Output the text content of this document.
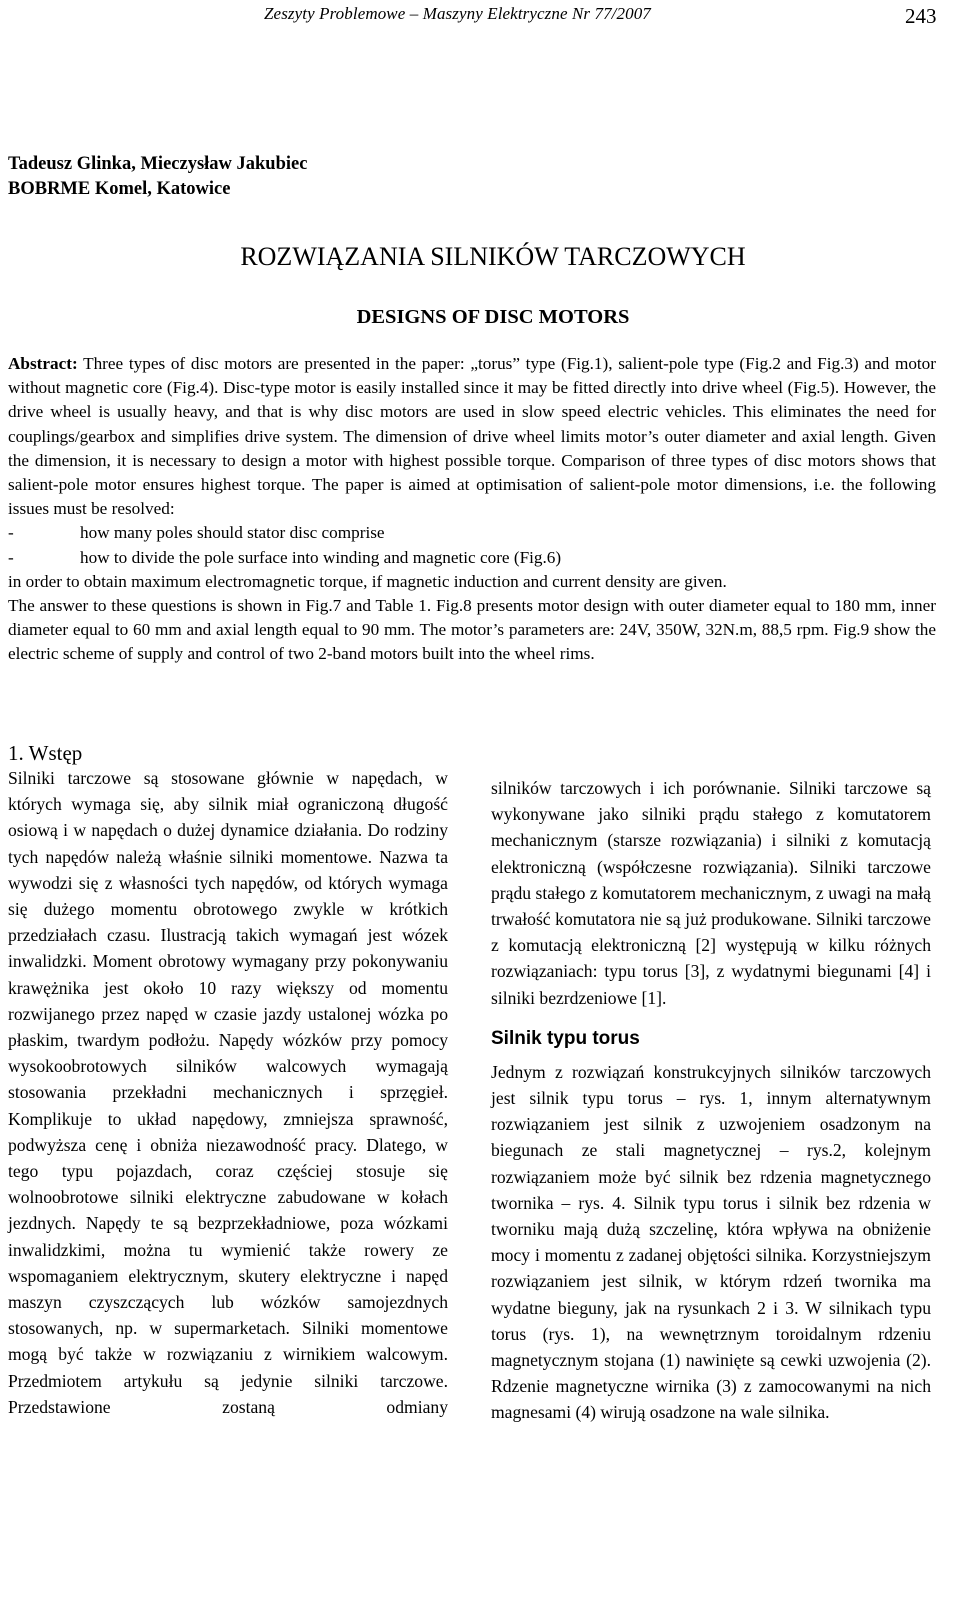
Zeszyty Problemowe – Maszyny Elektryczne Nr 77/2007	243
Tadeusz Glinka, Mieczysław Jakubiec
BOBRME Komel, Katowice
ROZWIĄZANIA SILNIKÓW TARCZOWYCH
DESIGNS OF DISC MOTORS

Abstract: Three types of disc motors are presented in the paper: „torus” type (Fig.1), salient-pole type (Fig.2 and Fig.3) and motor without magnetic core (Fig.4). Disc-type motor is easily installed since it may be fitted directly into drive wheel (Fig.5). However, the drive wheel is usually heavy, and that is why disc motors are used in slow speed electric vehicles. This eliminates the need for couplings/gearbox and simplifies drive system. The dimension of drive wheel limits motor’s outer diameter and axial length. Given the dimension, it is necessary to design a motor with highest possible torque. Comparison of three types of disc motors shows that salient-pole motor ensures highest torque. The paper is aimed at optimisation of salient-pole motor dimensions, i.e. the following issues must be resolved:

-	how many poles should stator disc comprise

-	how to divide the pole surface into winding and magnetic core (Fig.6)

in order to obtain maximum electromagnetic torque, if magnetic induction and current density are given.

The answer to these questions is shown in Fig.7 and Table 1. Fig.8 presents motor design with outer diameter equal to 180 mm, inner diameter equal to 60 mm and axial length equal to 90 mm. The motor’s parameters are: 24V, 350W, 32N.m, 88,5 rpm. Fig.9 show the electric scheme of supply and control of two 2-band motors built into the wheel rims.

1. Wstęp

Silniki tarczowe są stosowane głównie w napędach, w których wymaga się, aby silnik miał ograniczoną długość osiową i w napędach o dużej dynamice działania. Do rodziny tych napędów należą właśnie silniki momentowe. Nazwa ta wywodzi się z własności tych napędów, od których wymaga się dużego momentu obrotowego zwykle w krótkich przedziałach czasu. Ilustracją takich wymagań jest wózek inwalidzki. Moment obrotowy wymagany przy pokonywaniu krawężnika jest około 10 razy większy od momentu rozwijanego przez napęd w czasie jazdy ustalonej wózka po płaskim, twardym podłożu. Napędy wózków przy pomocy wysokoobrotowych silników walcowych wymagają stosowania przekładni mechanicznych i sprzęgieł. Komplikuje to układ napędowy, zmniejsza sprawność, podwyższa cenę i obniża niezawodność pracy. Dlatego, w tego typu pojazdach, coraz częściej stosuje się wolnoobrotowe silniki elektryczne zabudowane w kołach jezdnych. Napędy te są bezprzekładniowe, poza wózkami inwalidzkimi, można tu wymienić także rowery ze wspomaganiem elektrycznym, skutery elektryczne i napęd maszyn czyszczących lub wózków samojezdnych stosowanych, np. w supermarketach. Silniki momentowe mogą być także w rozwiązaniu z wirnikiem walcowym. Przedmiotem artykułu są jedynie silniki tarczowe. Przedstawione zostaną odmiany

silników tarczowych i ich porównanie. Silniki tarczowe są wykonywane jako silniki prądu stałego z komutatorem mechanicznym (starsze rozwiązania) i silniki z komutacją elektroniczną (współczesne rozwiązania). Silniki tarczowe prądu stałego z komutatorem mechanicznym, z uwagi na małą trwałość komutatora nie są już produkowane. Silniki tarczowe z komutacją elektroniczną [2] występują w kilku różnych rozwiązaniach: typu torus [3], z wydatnymi biegunami [4] i silniki bezrdzeniowe [1].

Silnik typu torus

Jednym z rozwiązań konstrukcyjnych silników tarczowych jest silnik typu torus – rys. 1, innym alternatywnym rozwiązaniem jest silnik z uzwojeniem osadzonym na biegunach ze stali magnetycznej – rys.2, kolejnym rozwiązaniem może być silnik bez rdzenia magnetycznego twornika – rys. 4. Silnik typu torus i silnik bez rdzenia w tworniku mają dużą szczelinę, która wpływa na obniżenie mocy i momentu z zadanej objętości silnika. Korzystniejszym rozwiązaniem jest silnik, w którym rdzeń twornika ma wydatne bieguny, jak na rysunkach 2 i 3. W silnikach typu torus (rys. 1), na wewnętrznym toroidalnym rdzeniu magnetycznym stojana (1) nawinięte są cewki uzwojenia (2). Rdzenie magnetyczne wirnika (3) z zamocowanymi na nich magnesami (4) wirują osadzone na wale silnika.
